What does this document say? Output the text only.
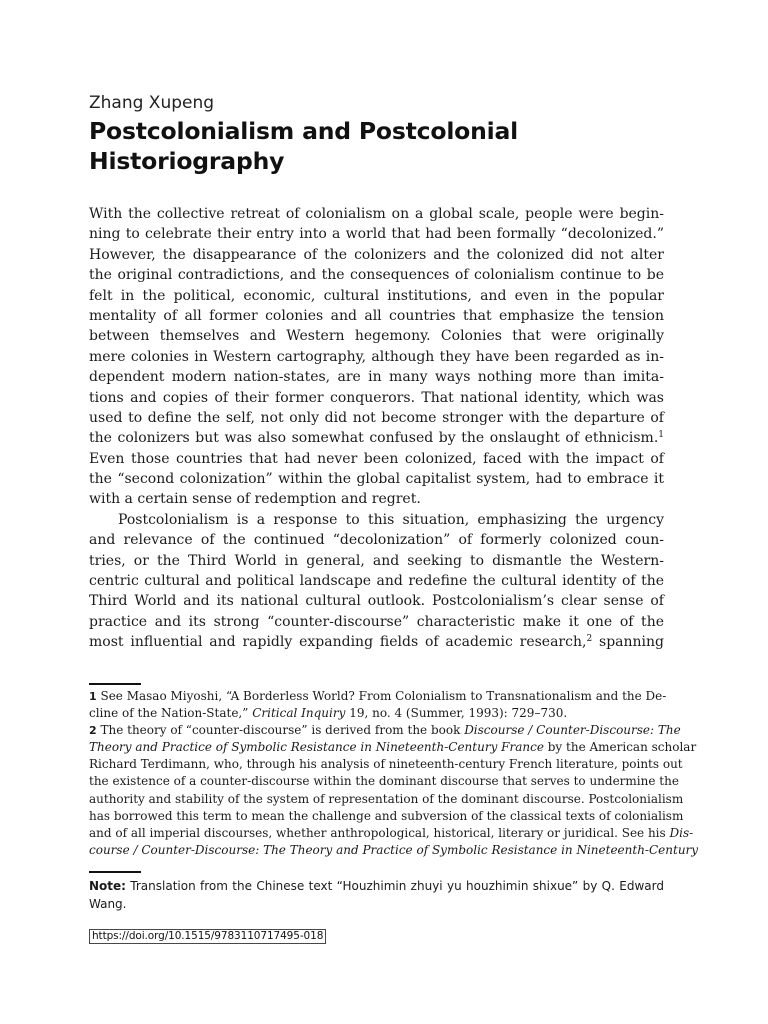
Zhang Xupeng

Postcolonialism and Postcolonial
Historiography

With the collective retreat of colonialism on a global scale, people were begin-
ning to celebrate their entry into a world that had been formally “decolonized.”
However, the disappearance of the colonizers and the colonized did not alter
the original contradictions, and the consequences of colonialism continue to be
felt in the political, economic, cultural institutions, and even in the popular
mentality of all former colonies and all countries that emphasize the tension
between themselves and Western hegemony. Colonies that were originally
mere colonies in Western cartography, although they have been regarded as in-
dependent modern nation-states, are in many ways nothing more than imita-
tions and copies of their former conquerors. That national identity, which was
used to define the self, not only did not become stronger with the departure of
the colonizers but was also somewhat confused by the onslaught of ethnicism.$^1$
Even those countries that had never been colonized, faced with the impact of
the “second colonization” within the global capitalist system, had to embrace it
with a certain sense of redemption and regret.

Postcolonialism is a response to this situation, emphasizing the urgency
and relevance of the continued “decolonization” of formerly colonized coun-
tries, or the Third World in general, and seeking to dismantle the Western-
centric cultural and political landscape and redefine the cultural identity of the
Third World and its national cultural outlook. Postcolonialism’s clear sense of
practice and its strong “counter-discourse” characteristic make it one of the
most influential and rapidly expanding fields of academic research,$^2$ spanning

1 See Masao Miyoshi, “A Borderless World? From Colonialism to Transnationalism and the De-
cline of the Nation-State,” Critical Inquiry 19, no. 4 (Summer, 1993): 729–730.
2 The theory of “counter-discourse” is derived from the book Discourse / Counter-Discourse: The
Theory and Practice of Symbolic Resistance in Nineteenth-Century France by the American scholar
Richard Terdimann, who, through his analysis of nineteenth-century French literature, points out
the existence of a counter-discourse within the dominant discourse that serves to undermine the
authority and stability of the system of representation of the dominant discourse. Postcolonialism
has borrowed this term to mean the challenge and subversion of the classical texts of colonialism
and of all imperial discourses, whether anthropological, historical, literary or juridical. See his Dis-
course / Counter-Discourse: The Theory and Practice of Symbolic Resistance in Nineteenth-Century
Note: Translation from the Chinese text “Houzhimin zhuyi yu houzhimin shixue” by Q. Edward
Wang.
https://doi.org/10.1515/9783110717495-018
